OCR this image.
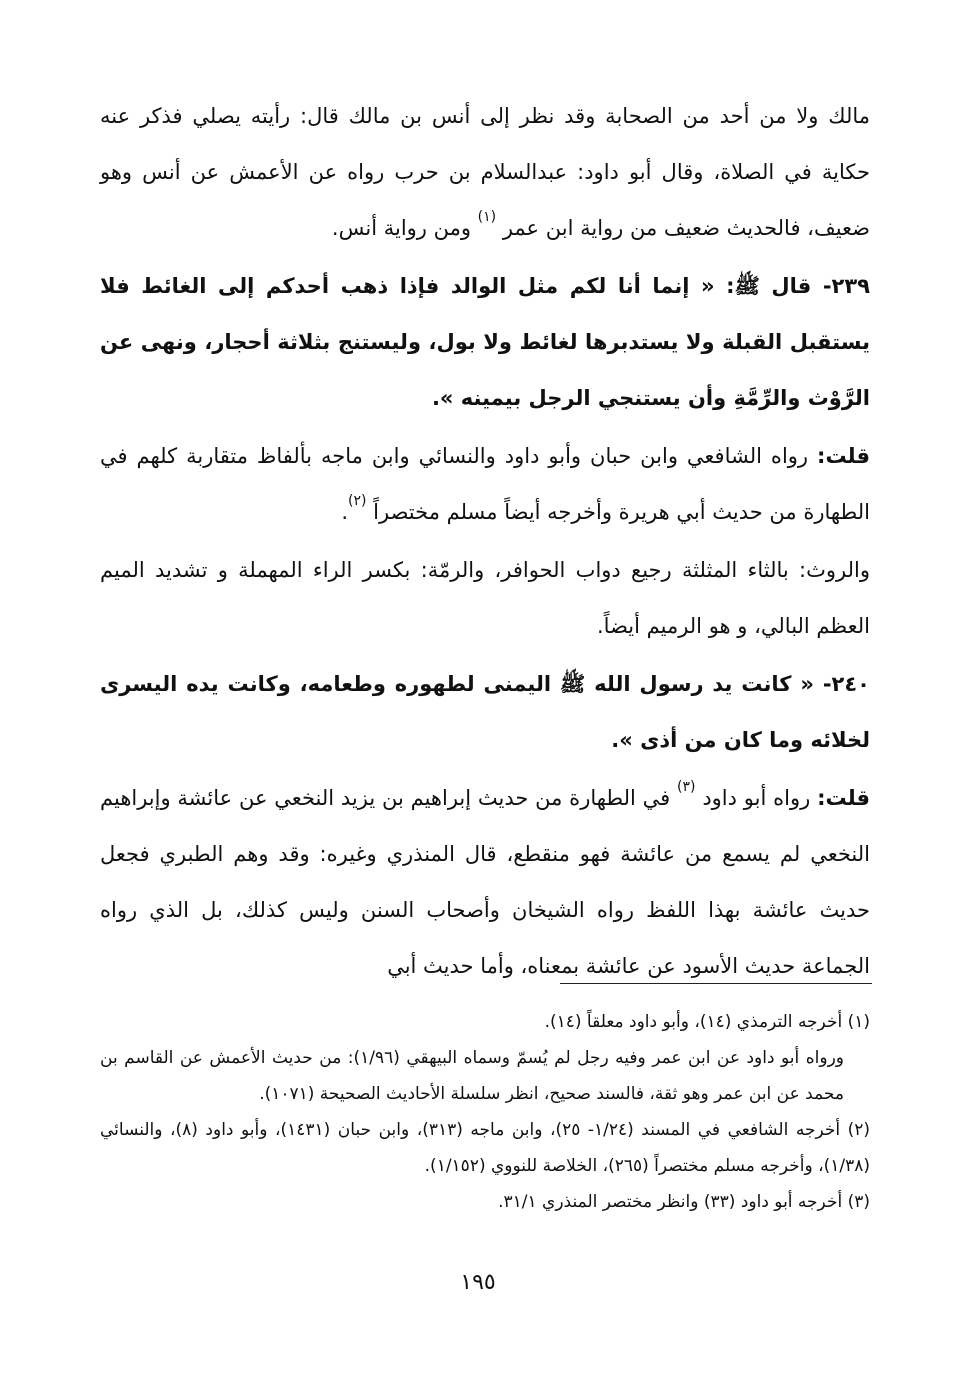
مالك ولا من أحد من الصحابة وقد نظر إلى أنس بن مالك قال: رأيته يصلي فذكر عنه حكاية في الصلاة، وقال أبو داود: عبدالسلام بن حرب رواه عن الأعمش عن أنس وهو ضعيف، فالحديث ضعيف من رواية ابن عمر $^{(١)}$ ومن رواية أنس.

٢٣٩- قال ﷺ: « إنما أنا لكم مثل الوالد فإذا ذهب أحدكم إلى الغائط فلا يستقبل القبلة ولا يستدبرها لغائط ولا بول، وليستنج بثلاثة أحجار، ونهى عن الرَّوْث والرِّمَّةِ وأن يستنجي الرجل بيمينه ».

قلت: رواه الشافعي وابن حبان وأبو داود والنسائي وابن ماجه بألفاظ متقاربة كلهم في الطهارة من حديث أبي هريرة وأخرجه أيضاً مسلم مختصراً $^{(٢)}$.

والروث: بالثاء المثلثة رجيع دواب الحوافر، والرمّة: بكسر الراء المهملة و تشديد الميم العظم البالي، و هو الرميم أيضاً.

٢٤٠- « كانت يد رسول الله ﷺ اليمنى لطهوره وطعامه، وكانت يده اليسرى لخلائه وما كان من أذى ».

قلت: رواه أبو داود $^{(٣)}$ في الطهارة من حديث إبراهيم بن يزيد النخعي عن عائشة وإبراهيم النخعي لم يسمع من عائشة فهو منقطع، قال المنذري وغيره: وقد وهم الطبري فجعل حديث عائشة بهذا اللفظ رواه الشيخان وأصحاب السنن وليس كذلك، بل الذي رواه الجماعة حديث الأسود عن عائشة بمعناه، وأما حديث أبي

(١) أخرجه الترمذي (١٤)، وأبو داود معلقاً (١٤).

ورواه أبو داود عن ابن عمر وفيه رجل لم يُسمّ وسماه البيهقي (١/٩٦): من حديث الأعمش عن القاسم بن محمد عن ابن عمر وهو ثقة، فالسند صحيح، انظر سلسلة الأحاديث الصحيحة (١٠٧١).

(٢) أخرجه الشافعي في المسند (١/٢٤- ٢٥)، وابن ماجه (٣١٣)، وابن حبان (١٤٣١)، وأبو داود (٨)، والنسائي (١/٣٨)، وأخرجه مسلم مختصراً (٢٦٥)، الخلاصة للنووي (١/١٥٢).

(٣) أخرجه أبو داود (٣٣) وانظر مختصر المنذري ٣١/١.

١٩٥
